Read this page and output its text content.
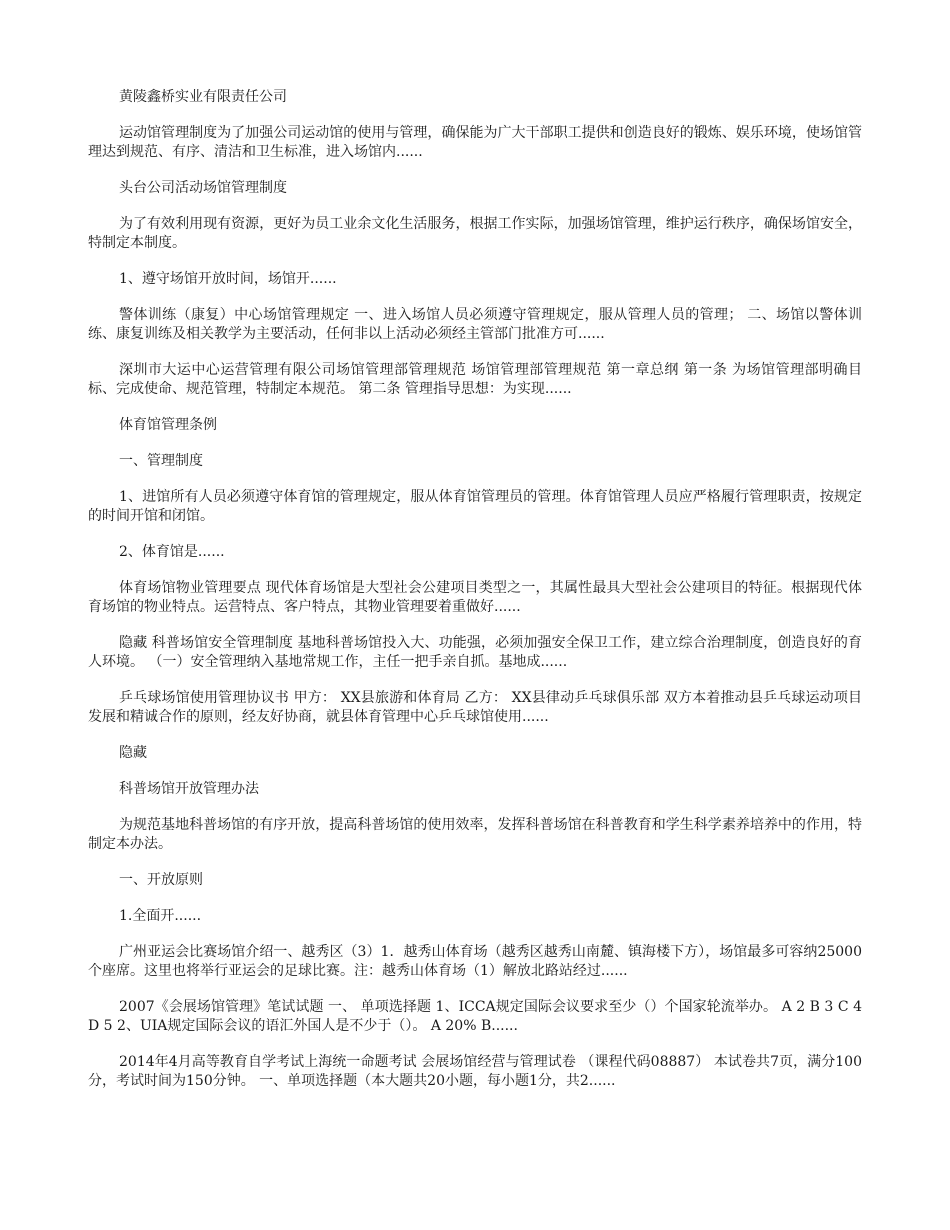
黄陵鑫桥实业有限责任公司

运动馆管理制度为了加强公司运动馆的使用与管理，确保能为广大干部职工提供和创造良好的锻炼、娱乐环境，使场馆管理达到规范、有序、清洁和卫生标准，进入场馆内......

头台公司活动场馆管理制度

为了有效利用现有资源，更好为员工业余文化生活服务，根据工作实际，加强场馆管理，维护运行秩序，确保场馆安全，特制定本制度。

1、遵守场馆开放时间，场馆开......

警体训练（康复）中心场馆管理规定 一、进入场馆人员必须遵守管理规定，服从管理人员的管理； 二、场馆以警体训练、康复训练及相关教学为主要活动，任何非以上活动必须经主管部门批准方可......

深圳市大运中心运营管理有限公司场馆管理部管理规范 场馆管理部管理规范 第一章总纲 第一条 为场馆管理部明确目标、完成使命、规范管理，特制定本规范。 第二条 管理指导思想：为实现......

体育馆管理条例

一、管理制度

1、进馆所有人员必须遵守体育馆的管理规定，服从体育馆管理员的管理。体育馆管理人员应严格履行管理职责，按规定的时间开馆和闭馆。

2、体育馆是......

体育场馆物业管理要点 现代体育场馆是大型社会公建项目类型之一，其属性最具大型社会公建项目的特征。根据现代体育场馆的物业特点。运营特点、客户特点，其物业管理要着重做好......

隐藏 科普场馆安全管理制度 基地科普场馆投入大、功能强，必须加强安全保卫工作，建立综合治理制度，创造良好的育人环境。 （一）安全管理纳入基地常规工作，主任一把手亲自抓。基地成......

乒乓球场馆使用管理协议书 甲方： XX县旅游和体育局 乙方： XX县律动乒乓球俱乐部 双方本着推动县乒乓球运动项目发展和精诚合作的原则，经友好协商，就县体育管理中心乒乓球馆使用......

隐藏

科普场馆开放管理办法

为规范基地科普场馆的有序开放，提高科普场馆的使用效率，发挥科普场馆在科普教育和学生科学素养培养中的作用，特制定本办法。

一、开放原则

1.全面开......

广州亚运会比赛场馆介绍一、越秀区（3）1．越秀山体育场（越秀区越秀山南麓、镇海楼下方），场馆最多可容纳25000个座席。这里也将举行亚运会的足球比赛。注：越秀山体育场（1）解放北路站经过......

2007《会展场馆管理》笔试试题 一、 单项选择题 1、ICCA规定国际会议要求至少（）个国家轮流举办。 A 2 B 3 C 4 D 5 2、UIA规定国际会议的语汇外国人是不少于（）。 A 20% B......

2014年4月高等教育自学考试上海统一命题考试 会展场馆经营与管理试卷 （课程代码08887） 本试卷共7页，满分100分，考试时间为150分钟。 一、单项选择题（本大题共20小题，每小题1分，共2......
